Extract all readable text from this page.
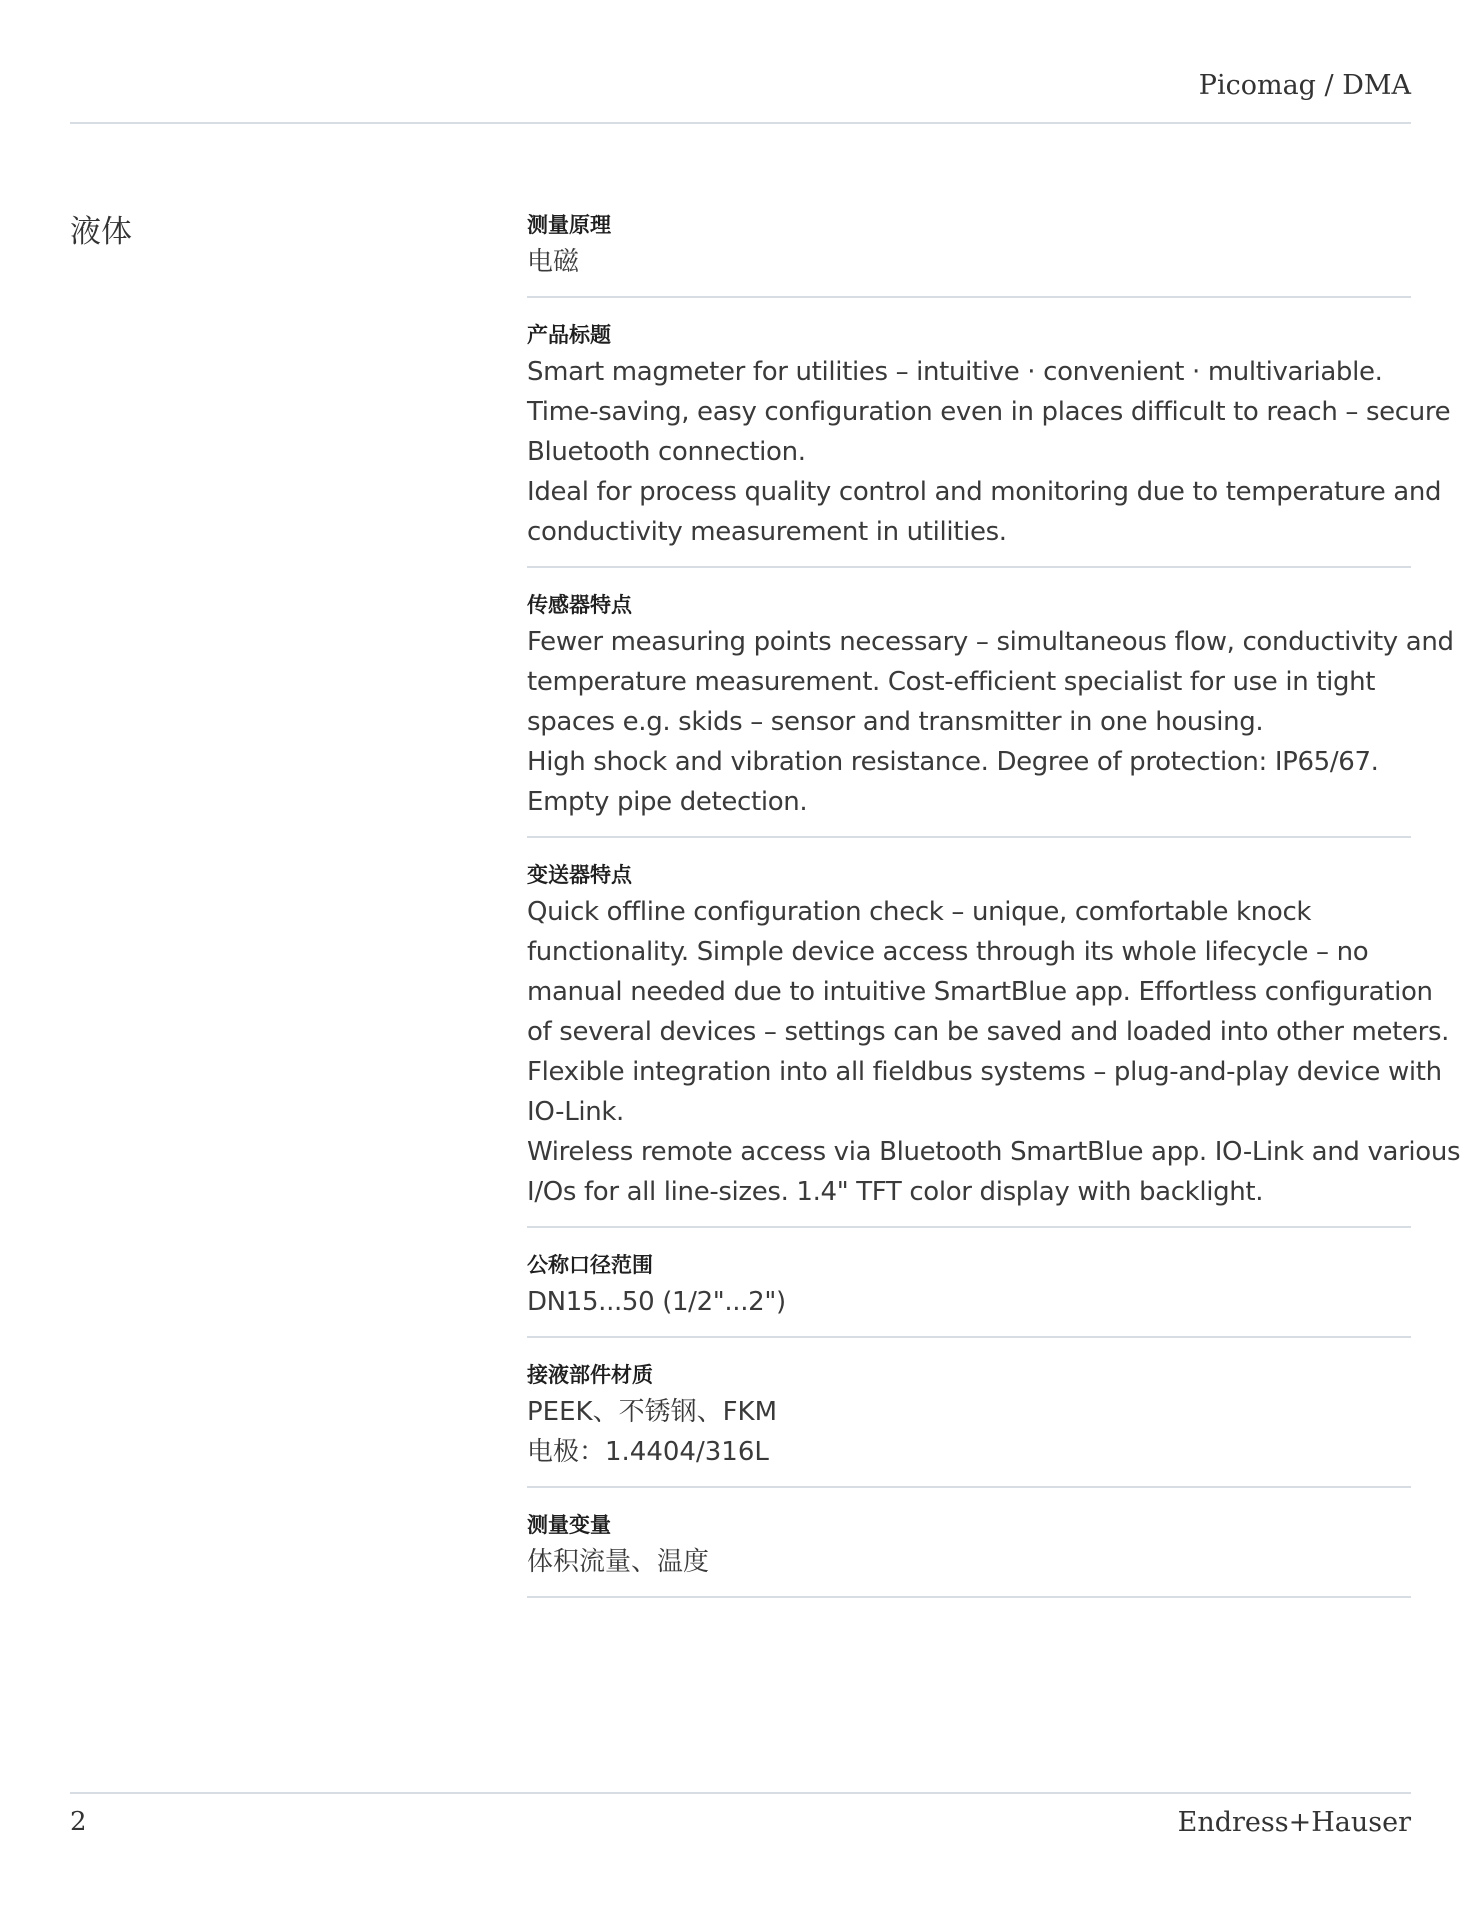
Picomag / DMA
液体	测量原理
电磁
产品标题
Smart magmeter for utilities – intuitive · convenient · multivariable.
Time-saving, easy configuration even in places difficult to reach – secure
Bluetooth connection.
Ideal for process quality control and monitoring due to temperature and
conductivity measurement in utilities.
传感器特点
Fewer measuring points necessary – simultaneous flow, conductivity and
temperature measurement. Cost-efficient specialist for use in tight
spaces e.g. skids – sensor and transmitter in one housing.
High shock and vibration resistance. Degree of protection: IP65/67.
Empty pipe detection.
变送器特点
Quick offline configuration check – unique, comfortable knock
functionality. Simple device access through its whole lifecycle – no
manual needed due to intuitive SmartBlue app. Effortless configuration
of several devices – settings can be saved and loaded into other meters.
Flexible integration into all fieldbus systems – plug-and-play device with
IO-Link.
Wireless remote access via Bluetooth SmartBlue app. IO-Link and various
I/Os for all line-sizes. 1.4" TFT color display with backlight.
公称口径范围
DN15...50 (1/2"...2")
接液部件材质
PEEK、不锈钢、FKM
电极：1.4404/316L
测量变量
体积流量、温度
2	Endress+Hauser
